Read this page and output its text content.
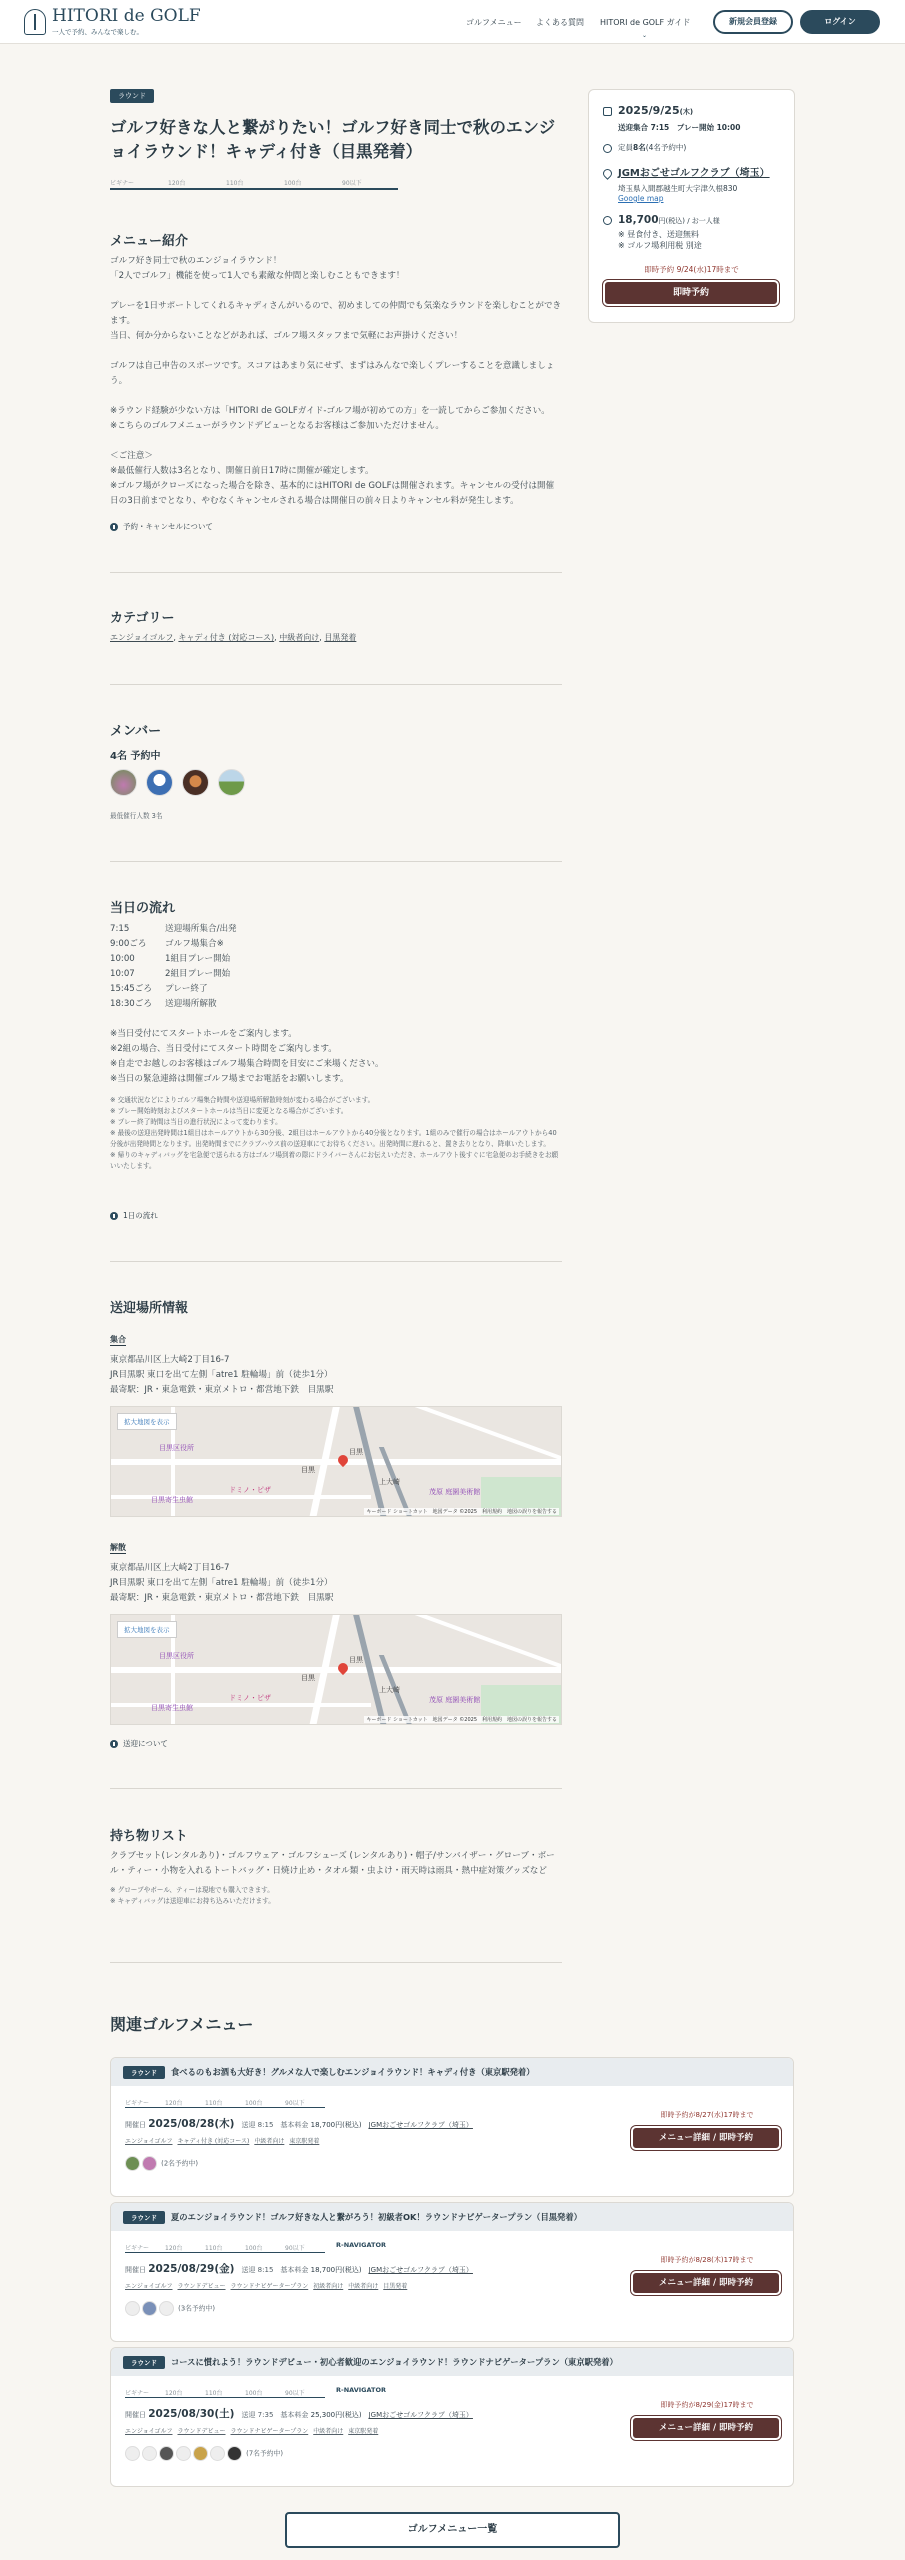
HITORI de GOLF
一人で予約、みんなで楽しむ。
ゴルフメニュー よくある質問 HITORI de GOLF ガイド
⌄
新規会員登録	ログイン
ラウンド
ゴルフ好きな人と繋がりたい！ゴルフ好き同士で秋のエンジョイラウンド！キャディ付き（目黒発着）
ビギナー	120台	110台	100台	90以下
メニュー紹介
ゴルフ好き同士で秋のエンジョイラウンド！
「2人でゴルフ」機能を使って1人でも素敵な仲間と楽しむこともできます！
プレーを1日サポートしてくれるキャディさんがいるので、初めましての仲間でも気楽なラウンドを楽しむことができます。
当日、何か分からないことなどがあれば、ゴルフ場スタッフまで気軽にお声掛けください！
ゴルフは自己申告のスポーツです。スコアはあまり気にせず、まずはみんなで楽しくプレーすることを意識しましょう。
※ラウンド経験が少ない方は「HITORI de GOLFガイド-ゴルフ場が初めての方」を一読してからご参加ください。
※こちらのゴルフメニューがラウンドデビューとなるお客様はご参加いただけません。
＜ご注意＞
※最低催行人数は3名となり、開催日前日17時に開催が確定します。
※ゴルフ場がクローズになった場合を除き、基本的にはHITORI de GOLFは開催されます。キャンセルの受付は開催日の3日前までとなり、やむなくキャンセルされる場合は開催日の前々日よりキャンセル料が発生します。
予約・キャンセルについて
カテゴリー
エンジョイゴルフ, キャディ付き (対応コース), 中級者向け, 目黒発着
メンバー
4名 予約中
最低催行人数 3名
当日の流れ
7:15	送迎場所集合/出発
9:00ごろ ゴルフ場集合※
10:00	1組目プレー開始
10:07	2組目プレー開始
15:45ごろ プレー終了
18:30ごろ 送迎場所解散
※当日受付にてスタートホールをご案内します。
※2組の場合、当日受付にてスタート時間をご案内します。
※自走でお越しのお客様はゴルフ場集合時間を目安にご来場ください。
※当日の緊急連絡は開催ゴルフ場までお電話をお願いします。
※ 交通状況などによりゴルフ場集合時間や送迎場所解散時刻が変わる場合がございます。
※ プレー開始時刻およびスタートホールは当日に変更となる場合がございます。
※ プレー終了時間は当日の進行状況によって変わります。
※ 最後の送迎出発時間は1組目はホールアウトから30分後、2組目はホールアウトから40分後となります。1組のみで催行の場合はホールアウトから40分後が出発時間となります。出発時間までにクラブハウス前の送迎車にてお待ちください。出発時間に遅れると、置き去りとなり、降車いたします。
※ 帰りのキャディバッグを宅急便で送られる方はゴルフ場到着の際にドライバーさんにお伝えいただき、ホールアウト後すぐに宅急便のお手続きをお願いいたします。
1日の流れ
送迎場所情報
集合
東京都品川区上大崎2丁目16-7
JR目黒駅 東口を出て左側「atre1 駐輪場」前（徒歩1分）
最寄駅：JR・東急電鉄・東京メトロ・都営地下鉄　目黒駅
拡大地図を表示
目黒区役所
目黒寄生虫館
目黒
ドミノ・ピザ
目黒
上大崎
茂原 庭園美術館
キーボード ショートカット　地図データ ©2025　利用規約　地図の誤りを報告する
解散
東京都品川区上大崎2丁目16-7
JR目黒駅 東口を出て左側「atre1 駐輪場」前（徒歩1分）
最寄駅：JR・東急電鉄・東京メトロ・都営地下鉄　目黒駅
拡大地図を表示
目黒区役所
目黒寄生虫館
目黒
ドミノ・ピザ
目黒
上大崎
茂原 庭園美術館
キーボード ショートカット　地図データ ©2025　利用規約　地図の誤りを報告する
送迎について
持ち物リスト
クラブセット(レンタルあり)・ゴルフウェア・ゴルフシューズ (レンタルあり)・帽子/サンバイザー・グローブ・ボール・ティー・小物を入れるトートバッグ・日焼け止め・タオル類・虫よけ・雨天時は雨具・熱中症対策グッズなど
※ グローブやボール、ティーは現地でも購入できます。
※ キャディバッグは送迎車にお持ち込みいただけます。
関連ゴルフメニュー
ラウンド 食べるのもお酒も大好き！グルメな人で楽しむエンジョイラウンド！キャディ付き（東京駅発着）
ビギナー	120台	110台	100台	90以下
開催日 2025/08/28(木)　 送迎 8:15　 基本料金 18,700円(税込)　 JGMおごせゴルフクラブ（埼玉）
エンジョイゴルフ キャディ付き (対応コース) 中級者向け 東京駅発着
(2名予約中)
即時予約が8/27(水)17時まで
メニュー詳細 / 即時予約
ラウンド 夏のエンジョイラウンド！ゴルフ好きな人と繋がろう！初級者OK！ラウンドナビゲータープラン（目黒発着）
ビギナー	120台	110台	100台	90以下	R-NAVIGATOR
開催日 2025/08/29(金)　 送迎 8:15　 基本料金 18,700円(税込)　 JGMおごせゴルフクラブ（埼玉）
エンジョイゴルフ ラウンドデビュー ラウンドナビゲータープラン 初級者向け 中級者向け 目黒発着
(3名予約中)
即時予約が8/28(木)17時まで
メニュー詳細 / 即時予約
ラウンド コースに慣れよう！ラウンドデビュー・初心者歓迎のエンジョイラウンド！ラウンドナビゲータープラン（東京駅発着）
ビギナー	120台	110台	100台	90以下	R-NAVIGATOR
開催日 2025/08/30(土)　 送迎 7:35　 基本料金 25,300円(税込)　 JGMおごせゴルフクラブ（埼玉）
エンジョイゴルフ ラウンドデビュー ラウンドナビゲータープラン 中級者向け 東京駅発着
(7名予約中)
即時予約が8/29(金)17時まで
メニュー詳細 / 即時予約
ゴルフメニュー一覧
2025/9/25(木)
送迎集合 7:15　プレー開始 10:00
定員8名(4名予約中)
JGMおごせゴルフクラブ（埼玉）
埼玉県入間郡越生町大字津久根830
Google map
18,700円(税込) / お一人様
※ 昼食付き、送迎無料
※ ゴルフ場利用税 別途
即時予約 9/24(水)17時まで
即時予約
